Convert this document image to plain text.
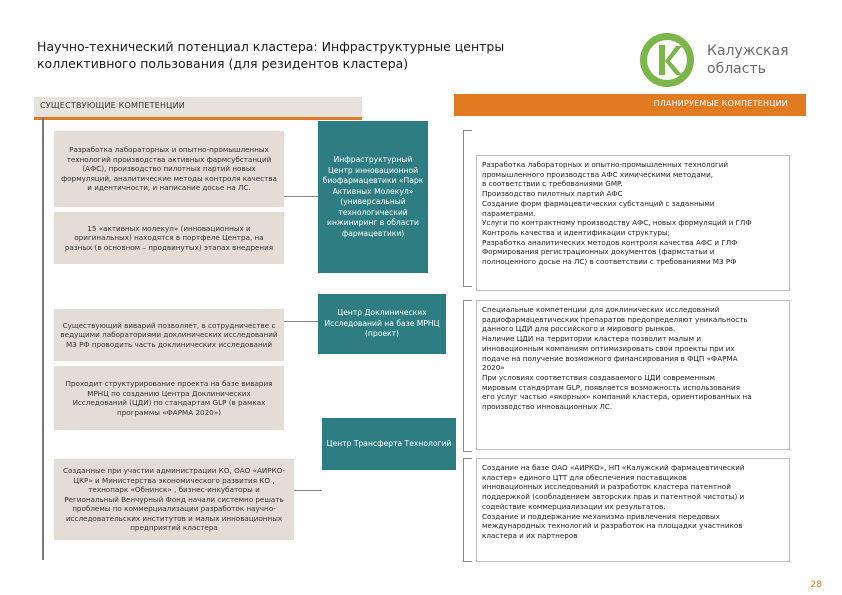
Научно-технический потенциал кластера: Инфраструктурные центры
коллективного пользования (для резидентов кластера)
Калужская
область
СУЩЕСТВУЮЩИЕ КОМПЕТЕНЦИИ	ПЛАНИРУЕМЫЕ КОМПЕТЕНЦИИ
Разработка лабораторных и опытно-промышленных технологий производства активных фармсубстанций (АФС), производство пилотных партий новых формуляций, аналитические методы контроля качества и идентичности, и написание досье на ЛС.
15 «активных молекул» (инновационных и оригинальных) находятся в портфеле Центра, на разных (в основном – продвинутых) этапах внедрения
Существующий виварий позволяет, в сотрудничестве с ведущими лабораториями доклинических исследований МЗ РФ проводить часть доклинических исследований
Проходит структурирование проекта на базе вивария МРНЦ по созданию Центра Доклинических Исследований (ЦДИ) по стандартам GLP (в рамках программы «ФАРМА 2020»)
Созданные при участии администрации КО, ОАО «АИРКО-ЦКР» и Министерства экономического развития КО , технопарк «Обнинск» , бизнес-инкубаторы и Региональный Венчурный Фонд начали системно решать проблемы по коммерциализации разработок научно-исследовательских институтов и малых инновационных предприятий кластера
Инфраструктурный Центр инновационной биофармацевтики «Парк Активных Молекул» (универсальный технологический инжиниринг в области фармацевтики)
Центр Доклинических Исследований на базе МРНЦ (проект)
Центр Трансферта Технологий
Разработка лабораторных и опытно-промышленных технологий
промышленного производства АФС химическими методами,
в соответствии с требованиями GMP.
Производство пилотных партий АФС
Создание форм фармацевтических субстанций с заданными
параметрами.
Услуги по контрактному производству АФС, новых формуляций и ГЛФ
Контроль качества и идентификации структуры;
Разработка аналитических методов контроля качества АФС и ГЛФ
Формирования регистрационных документов (фармстатьи и
полноценного досье на ЛС) в соответствии с требованиями МЗ РФ
Специальные компетенции для доклинических исследований
радиофармацевтических препаратов предопределяют уникальность
данного ЦДИ для российского и мирового рынков.
Наличие ЦДИ на территории кластера позволит малым и
инновационным компаниям оптимизировать свои проекты при их
подаче на получение возможного финансирования в ФЦП «ФАРМА
2020»
При условиях соответствия создаваемого ЦДИ современным
мировым стандартам GLP, появляется возможность использования
его услуг частью «якорных» компаний кластера, ориентированных на
производство инновационных ЛС.
Создание на базе ОАО «АИРКО», НП «Калужский фармацевтический
кластер» единого ЦТТ для обеспечения поставщиков
инновационных исследований и разработок кластера патентной
поддержкой (сообладением авторских прав и патентной чистоты) и
содействие коммерциализации их результатов.
Создание и поддержание механизма привлечения передовых
международных технологий и разработок на площадки участников
кластера и их партнеров
28
